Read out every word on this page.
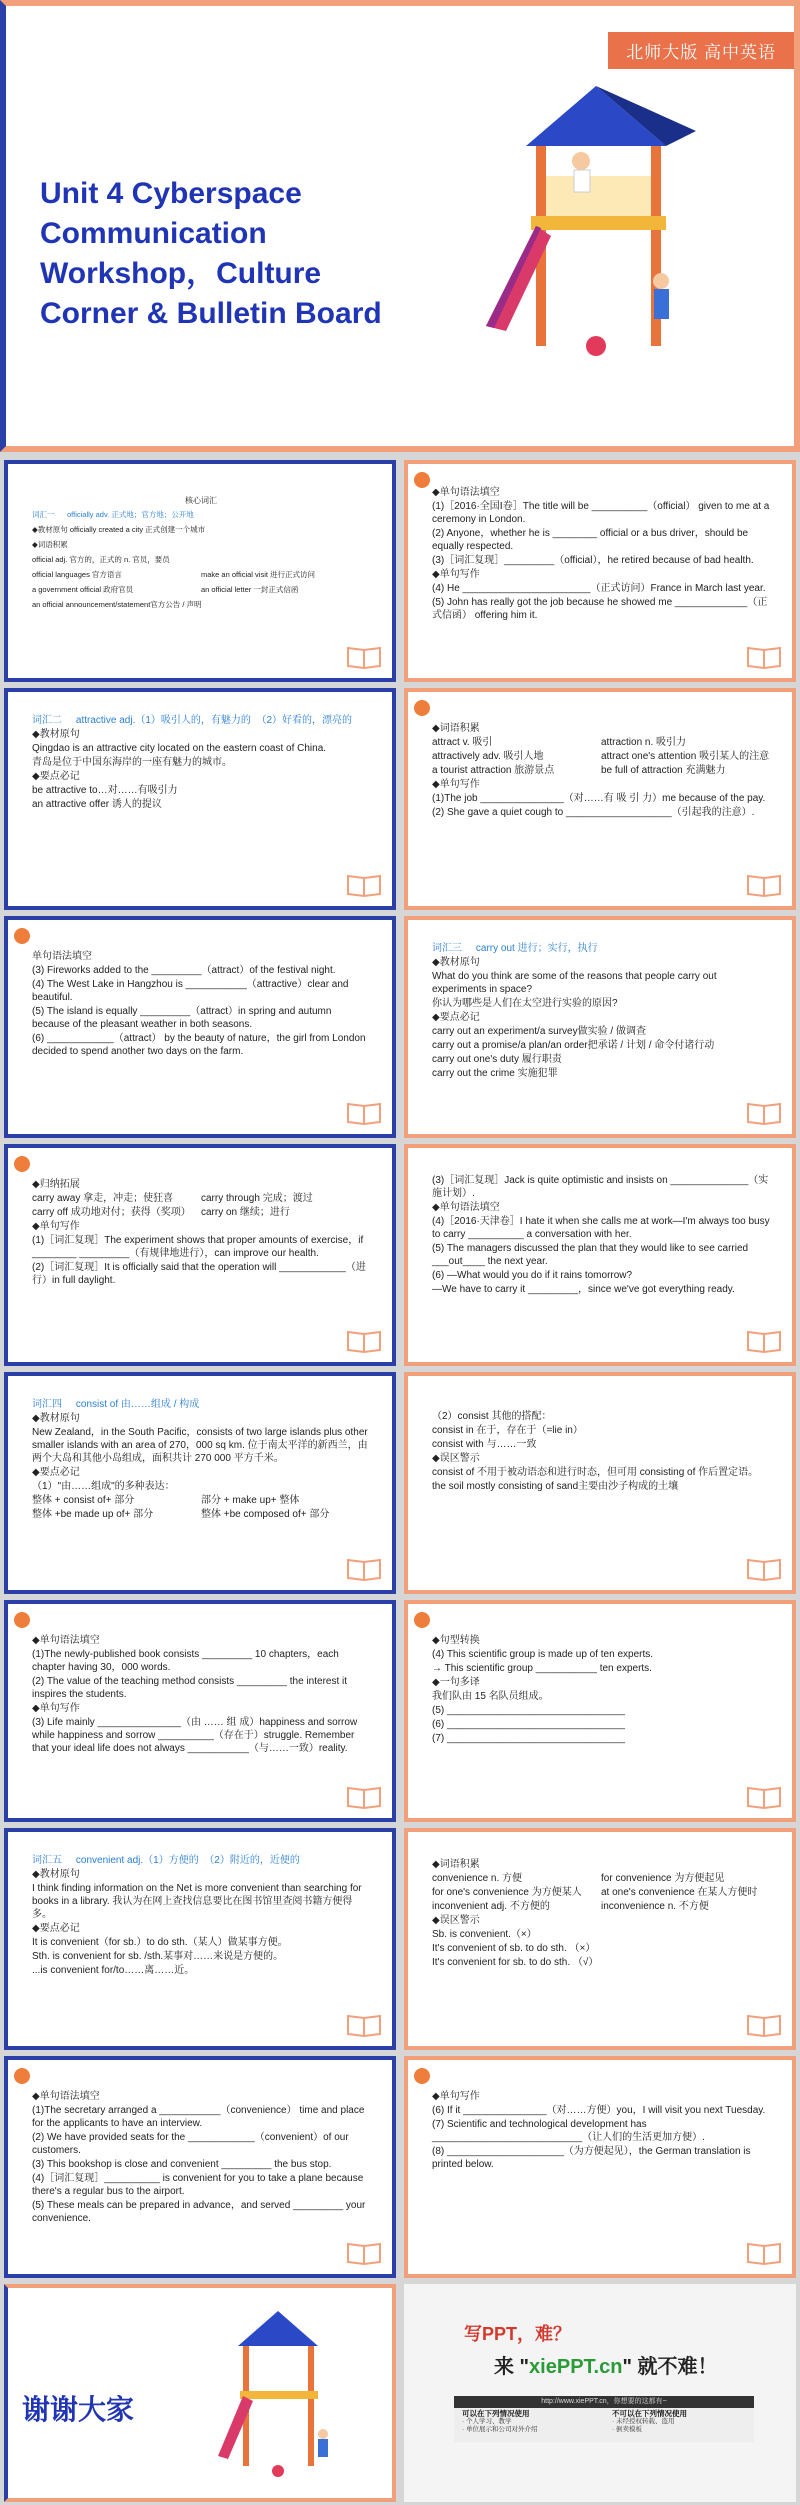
北师大版 高中英语
Unit 4 Cyberspace
Communication
Workshop，Culture
Corner & Bulletin Board

核心词汇

词汇一      officially adv. 正式地；官方地；公开地

◆教材原句 officially created a city 正式创建一个城市

◆词语积累

official adj. 官方的，正式的 n. 官员，要员

official languages 官方语言	make an official visit 进行正式访问

a government official 政府官员	an official letter 一封正式信函

an official announcement/statement官方公告 / 声明

◆单句语法填空

(1)［2016·全国Ⅰ卷］The title will be __________（official） given to me at a ceremony in London.

(2) Anyone，whether he is ________ official or a bus driver，should be equally respected.

(3)［词汇复现］_________（official），he retired because of bad health.

◆单句写作

(4) He _______________________（正式访问）France in March last year.

(5) John has really got the job because he showed me _____________（正式信函） offering him it.

词汇二     attractive adj.（1）吸引人的，有魅力的  （2）好看的，漂亮的

◆教材原句

Qingdao is an attractive city located on the eastern coast of China.

青岛是位于中国东海岸的一座有魅力的城市。

◆要点必记

be attractive to…对……有吸引力

an attractive offer 诱人的提议

◆词语积累

attract v. 吸引	attraction n. 吸引力

attractively adv. 吸引人地	attract one's attention 吸引某人的注意

a tourist attraction 旅游景点	be full of attraction 充满魅力

◆单句写作

(1)The job _______________（对……有 吸 引 力）me because of the pay.

(2) She gave a quiet cough to ___________________（引起我的注意）.

单句语法填空

(3) Fireworks added to the _________（attract）of the festival night.

(4) The West Lake in Hangzhou is ___________（attractive）clear and beautiful.

(5) The island is equally _________（attract）in spring and autumn because of the pleasant weather in both seasons.

(6) ____________（attract） by the beauty of nature，the girl from London decided to spend another two days on the farm.

词汇三     carry out 进行；实行，执行

◆教材原句

What do you think are some of the reasons that people carry out experiments in space?

你认为哪些是人们在太空进行实验的原因?

◆要点必记

carry out an experiment/a survey做实验 / 做调查

carry out a promise/a plan/an order把承诺 / 计划 / 命令付诸行动

carry out one's duty 履行职责

carry out the crime 实施犯罪

◆归纳拓展

carry away 拿走，冲走；使狂喜	carry through 完成；渡过

carry off 成功地对付；获得（奖项）	carry on 继续；进行

◆单句写作

(1)［词汇复现］The experiment shows that proper amounts of exercise，if ________ _________（有规律地进行），can improve our health.

(2)［词汇复现］It is officially said that the operation will ____________（进行）in full daylight.

(3)［词汇复现］Jack is quite optimistic and insists on ______________（实施计划）.

◆单句语法填空

(4)［2016·天津卷］I hate it when she calls me at work—I'm always too busy to carry __________ a conversation with her.

(5) The managers discussed the plan that they would like to see carried ___out____ the next year.

(6) —What would you do if it rains tomorrow?

—We have to carry it _________，since we've got everything ready.

词汇四     consist of 由……组成 / 构成

◆教材原句

New Zealand，in the South Pacific，consists of two large islands plus other smaller islands with an area of 270，000 sq km. 位于南太平洋的新西兰，由两个大岛和其他小岛组成，面积共计 270 000 平方千米。

◆要点必记

（1）"由……组成"的多种表达：

整体 + consist of+ 部分	部分 + make up+ 整体

整体 +be made up of+ 部分	整体 +be composed of+ 部分

（2）consist 其他的搭配：

consist in 在于，存在于（=lie in）

consist with 与……一致

◆误区警示

consist of 不用于被动语态和进行时态，但可用 consisting of 作后置定语。

the soil mostly consisting of sand主要由沙子构成的土壤

◆单句语法填空

(1)The newly-published book consists _________ 10 chapters，each chapter having 30，000 words.

(2) The value of the teaching method consists _________ the interest it inspires the students.

◆单句写作

(3) Life mainly _______________（由 …… 组 成）happiness and sorrow while happiness and sorrow __________（存在于）struggle. Remember that your ideal life does not always ___________（与……一致）reality.

◆句型转换

(4) This scientific group is made up of ten experts.

→ This scientific group ___________ ten experts.

◆一句多译

我们队由 15 名队员组成。

(5) ________________________________

(6) ________________________________

(7) ________________________________

词汇五     convenient adj.（1）方便的  （2）附近的，近便的

◆教材原句

I think finding information on the Net is more convenient than searching for books in a library. 我认为在网上查找信息要比在图书馆里查阅书籍方便得多。

◆要点必记

It is convenient（for sb.）to do sth.（某人）做某事方便。

Sth. is convenient for sb. /sth.某事对……来说是方便的。

...is convenient for/to……离……近。

◆词语积累

convenience n. 方便	for convenience 为方便起见

for one's convenience 为方便某人	at one's convenience 在某人方便时

inconvenient adj. 不方便的	inconvenience n. 不方便

◆误区警示

Sb. is convenient.（×）

It's convenient of sb. to do sth. （×）

It's convenient for sb. to do sth. （√）

◆单句语法填空

(1)The secretary arranged a ___________（convenience） time and place for the applicants to have an interview.

(2) We have provided seats for the ____________（convenient）of our customers.

(3) This bookshop is close and convenient _________ the bus stop.

(4)［词汇复现］__________ is convenient for you to take a plane because there's a regular bus to the airport.

(5) These meals can be prepared in advance，and served _________ your convenience.

◆单句写作

(6) If it _______________（对……方便）you，I will visit you next Tuesday.

(7) Scientific and technological development has ___________________________（让人们的生活更加方便）.

(8) _____________________（为方便起见），the German translation is printed below.

谢谢大家
写PPT，难？
来 "xiePPT.cn" 就不难！
http://www.xiePPT.cn，你想要的这都有~
可以在下列情况使用
· 个人学习、教学
· 单位展示和公司对外介绍
不可以在下列情况使用
· 未经授权转载、盗用
· 倒卖模板
